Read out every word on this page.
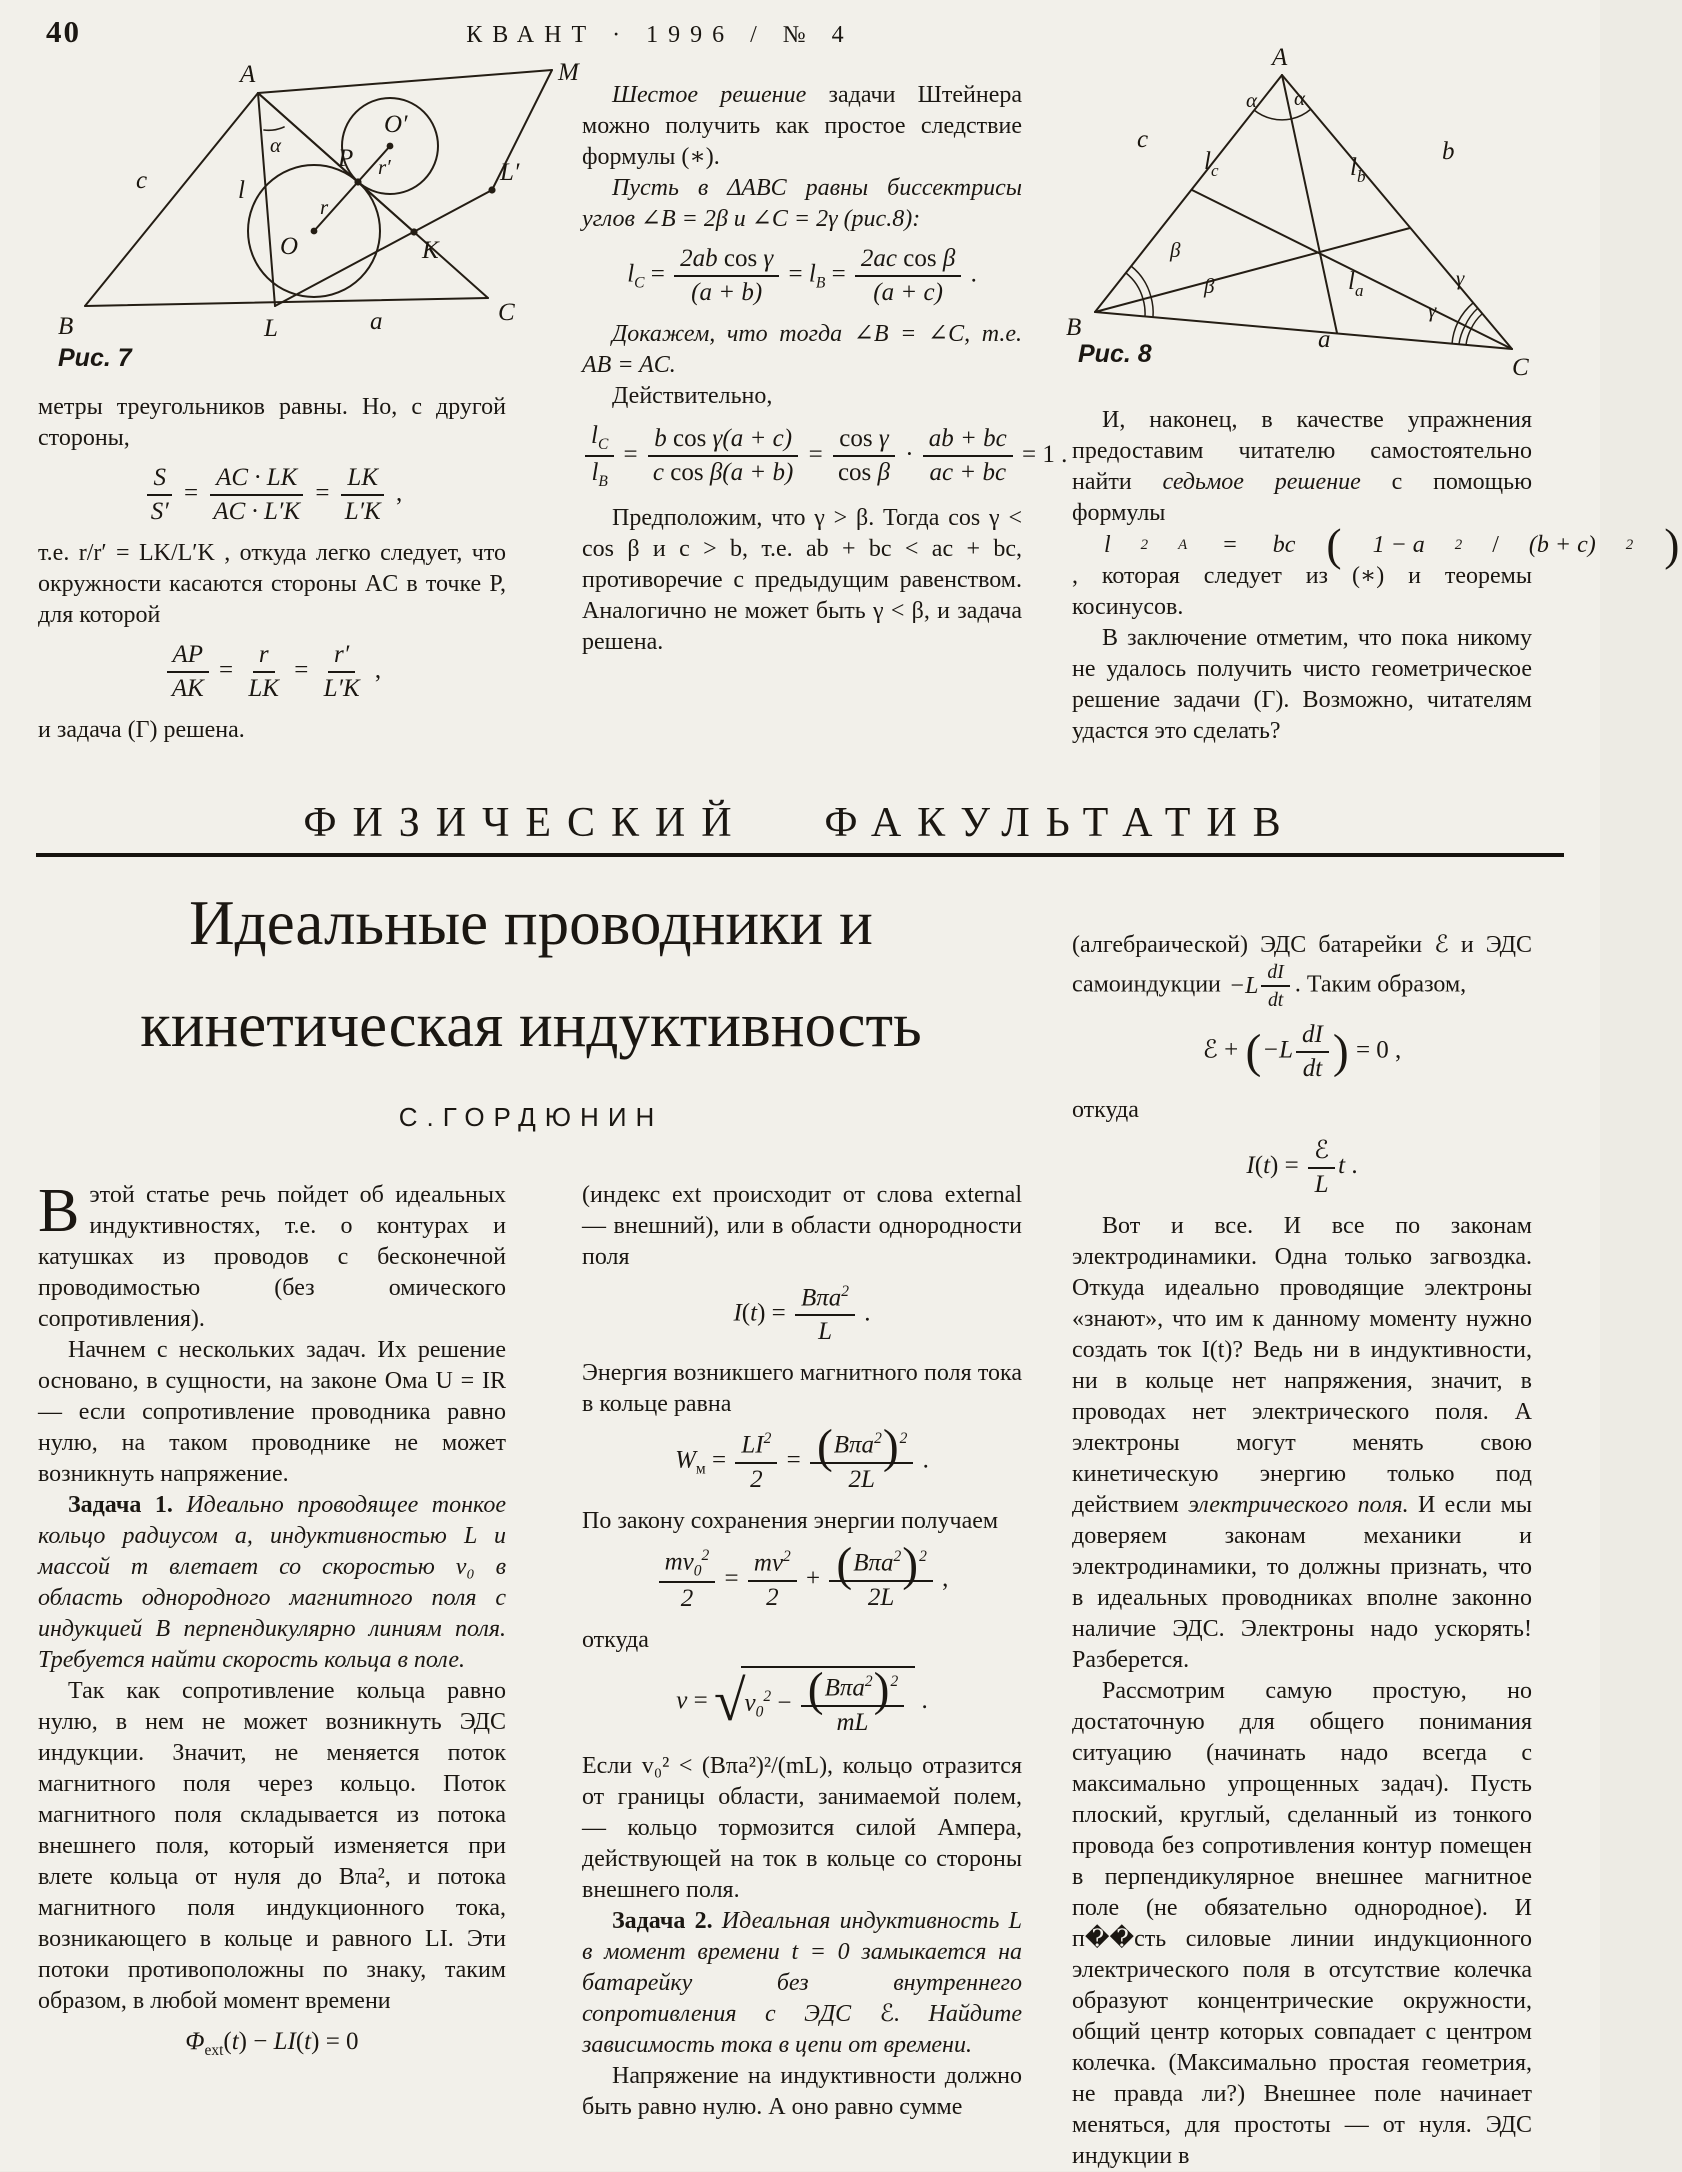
40	КВАНТ · 1996 / № 4
A	M
B
C
L	a
K
L′
O
O′
P
c	l
r
r′
α
Рис. 7

метры треугольников равны. Но, с другой стороны,

$\frac{S}{S'} = \frac{AC \cdot LK}{AC \cdot L'K} = \frac{LK}{L'K}$ ,

т.е. r/r′ = LK/L′K , откуда легко следует, что окружности касаются стороны AC в точке P, для которой

$\frac{AP}{AK} = \frac{r}{LK} = \frac{r'}{L'K}$ ,

и задача (Г) решена.

Шестое решение задачи Штейнера можно получить как простое следствие формулы (∗).

Пусть в ΔABC равны биссектрисы углов ∠B = 2β и ∠C = 2γ (рис.8):

$l_C = \frac{\text{2ab cos γ}}{(a + b)} = l_B = \frac{\text{2ac cos β}}{(a + c)}$ .

Докажем, что тогда ∠B = ∠C, т.е. AB = AC.

Действительно,

$\frac{l_C}{l_B} = \frac{\text{b cos γ(a + c)}}{\text{c cos β(a + b)}} = \frac{\text{cos γ}}{\text{cos β}} \cdot \frac{ab + bc}{ac + bc} = 1$ .

Предположим, что γ > β. Тогда cos γ < cos β и c > b, т.е. ab + bc < ac + bc, противоречие с предыдущим равенством. Аналогично не может быть γ < β, и задача решена.

A
B
C
α α
β
β	γ
γ
c	b
a
$l_c$	$l_b$
$l_a$
Рис. 8

И, наконец, в качестве упражнения предоставим читателю самостоятельно найти седьмое решение с помощью формулы
l	2	A	=	bc (	1 − a	2	/	(b + c)	2 )
, которая следует из (∗) и теоремы косинусов.

В заключение отметим, что пока никому не удалось получить чисто геометрическое решение задачи (Г). Возможно, читателям удастся это сделать?

ФИЗИЧЕСКИЙ ФАКУЛЬТАТИВ
Идеальные проводники и
кинетическая индуктивность
С.ГОРДЮНИН

Вэтой статье речь пойдет об идеальных индуктивностях, т.е. о контурах и катушках из проводов с бесконечной проводимостью (без омического сопротивления).

Начнем с нескольких задач. Их решение основано, в сущности, на законе Ома U = IR — если сопротивление проводника равно нулю, на таком проводнике не может возникнуть напряжение.

Задача 1. Идеально проводящее тонкое кольцо радиусом a, индуктивностью L и массой m влетает со скоростью v₀ в область однородного магнитного поля с индукцией B перпендикулярно линиям поля. Требуется найти скорость кольца в поле.

Так как сопротивление кольца равно нулю, в нем не может возникнуть ЭДС индукции. Значит, не меняется поток магнитного поля через кольцо. Поток магнитного поля складывается из потока внешнего поля, который изменяется при влете кольца от нуля до Bπa², и потока магнитного поля индукционного тока, возникающего в кольце и равного LI. Эти потоки противоположны по знаку, таким образом, в любой момент времени

$\Phi_{ext}(t) - LI(t) = 0$

(индекс ext происходит от слова external — внешний), или в области однородности поля

$I(t) = \frac{B\pi a^2}{L}$ .

Энергия возникшего магнитного поля тока в кольце равна

$W_м = \frac{LI^2}{2} = \frac{(B\pi a^2)^2}{2L}$ .

По закону сохранения энергии получаем

$\frac{mv_0^2}{2} = \frac{mv^2}{2} + \frac{(B\pi a^2)^2}{2L}$ ,

откуда

v = √ $v_0^2 - \frac{(B\pi a^2)^2}{mL}$ .

Если v₀² < (Bπa²)²/(mL), кольцо отразится от границы области, занимаемой полем, — кольцо тормозится силой Ампера, действующей на ток в кольце со стороны внешнего поля.

Задача 2. Идеальная индуктивность L в момент времени t = 0 замыкается на батарейку без внутреннего сопротивления с ЭДС ℰ. Найдите зависимость тока в цепи от времени.

Напряжение на индуктивности должно быть равно нулю. А оно равно сумме

(алгебраической) ЭДС батарейки ℰ и ЭДС самоиндукции $-L \frac{dI}{dt}$ . Таким образом,

ℰ + ($-L \frac{dI}{dt}$ ) = 0 ,

откуда

$I(t) = \frac{\text{ℰ}}{L}$ t .

Вот и все. И все по законам электродинамики. Одна только загвоздка. Откуда идеально проводящие электроны «знают», что им к данному моменту нужно создать ток I(t)? Ведь ни в индуктивности, ни в кольце нет напряжения, значит, в проводах нет электрического поля. А электроны могут менять свою кинетическую энергию только под действием электрического поля. И если мы доверяем законам механики и электродинамики, то должны признать, что в идеальных проводниках вполне законно наличие ЭДС. Электроны надо ускорять! Разберется.

Рассмотрим самую простую, но достаточную для общего понимания ситуацию (начинать надо всегда с максимально упрощенных задач). Пусть плоский, круглый, сделанный из тонкого провода без сопротивления контур помещен в перпендикулярное внешнее магнитное поле (не обязательно однородное). И п��сть силовые линии индукционного электрического поля в отсутствие колечка образуют концентрические окружности, общий центр которых совпадает с центром колечка. (Максимально простая геометрия, не правда ли?) Внешнее поле начинает меняться, для простоты — от нуля. ЭДС индукции в
